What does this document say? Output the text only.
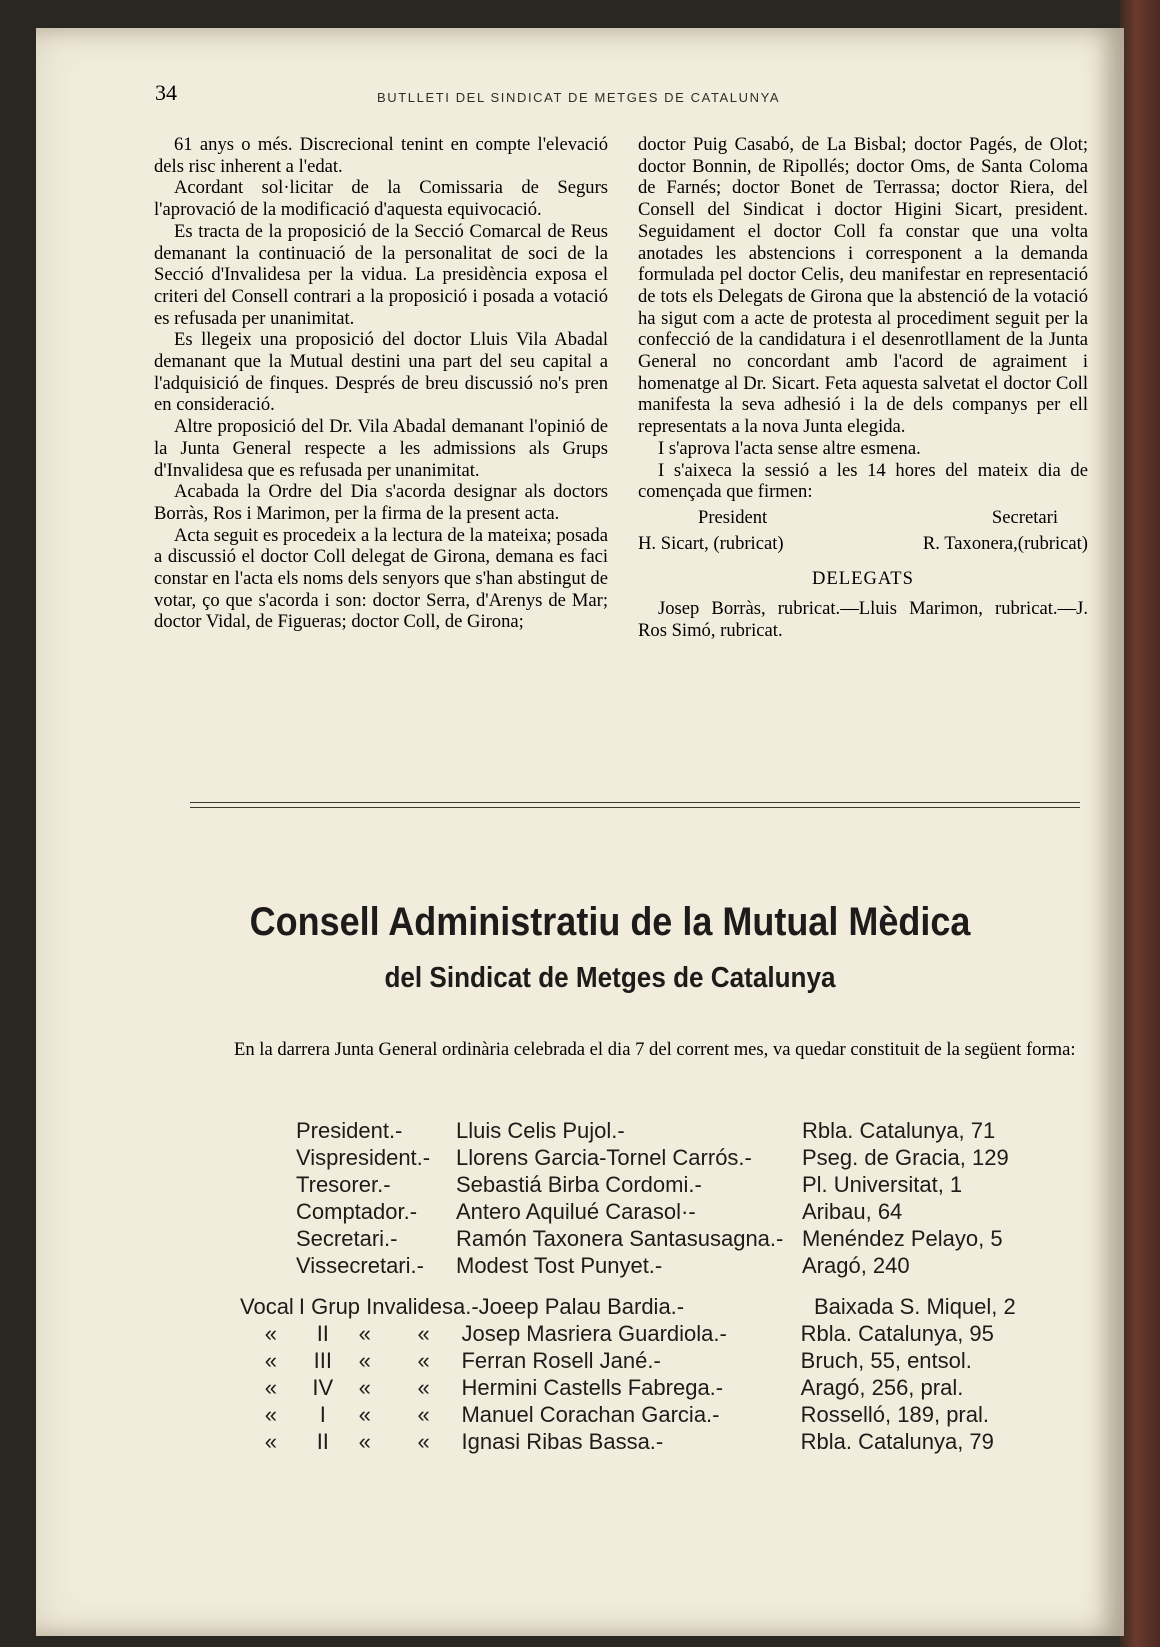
34	BUTLLETI DEL SINDICAT DE METGES DE CATALUNYA

61 anys o més. Discrecional tenint en compte l'elevació dels risc inherent a l'edat.

Acordant sol·licitar de la Comissaria de Segurs l'aprovació de la modificació d'aquesta equivocació.

Es tracta de la proposició de la Secció Comarcal de Reus demanant la continuació de la personalitat de soci de la Secció d'Invalidesa per la vidua. La presidència exposa el criteri del Consell contrari a la proposició i posada a votació es refusada per unanimitat.

Es llegeix una proposició del doctor Lluis Vila Abadal demanant que la Mutual destini una part del seu capital a l'adquisició de finques. Després de breu discussió no's pren en consideració.

Altre proposició del Dr. Vila Abadal demanant l'opinió de la Junta General respecte a les admissions als Grups d'Invalidesa que es refusada per unanimitat.

Acabada la Ordre del Dia s'acorda designar als doctors Borràs, Ros i Marimon, per la firma de la present acta.

Acta seguit es procedeix a la lectura de la mateixa; posada a discussió el doctor Coll delegat de Girona, demana es faci constar en l'acta els noms dels senyors que s'han abstingut de votar, ço que s'acorda i son: doctor Serra, d'Arenys de Mar; doctor Vidal, de Figueras; doctor Coll, de Girona;

doctor Puig Casabó, de La Bisbal; doctor Pagés, de Olot; doctor Bonnin, de Ripollés; doctor Oms, de Santa Coloma de Farnés; doctor Bonet de Terrassa; doctor Riera, del Consell del Sindicat i doctor Higini Sicart, president. Seguidament el doctor Coll fa constar que una volta anotades les abstencions i corresponent a la demanda formulada pel doctor Celis, deu manifestar en representació de tots els Delegats de Girona que la abstenció de la votació ha sigut com a acte de protesta al procediment seguit per la confecció de la candidatura i el desenrotllament de la Junta General no concordant amb l'acord de agraiment i homenatge al Dr. Sicart. Feta aquesta salvetat el doctor Coll manifesta la seva adhesió i la de dels companys per ell representats a la nova Junta elegida.

I s'aprova l'acta sense altre esmena.

I s'aixeca la sessió a les 14 hores del mateix dia de començada que firmen:

President	Secretari
H. Sicart, (rubricat)	R. Taxonera,(rubricat)
DELEGATS

Josep Borràs, rubricat.—Lluis Marimon, rubricat.—J. Ros Simó, rubricat.

Consell Administratiu de la Mutual Mèdica
del Sindicat de Metges de Catalunya

En la darrera Junta General ordinària celebrada el dia 7 del corrent mes, va quedar constituit de la següent forma:

President.-	Lluis Celis Pujol.-	Rbla. Catalunya, 71
Vispresident.-	Llorens Garcia-Tornel Carrós.-	Pseg. de Gracia, 129
Tresorer.-	Sebastiá Birba Cordomi.-	Pl. Universitat, 1
Comptador.-	Antero Aquilué Carasol·-	Aribau, 64
Secretari.-	Ramón Taxonera Santasusagna.- Menéndez Pelayo, 5
Vissecretari.-	Modest Tost Punyet.-	Aragó, 240
Vocal I Grup Invalidesa.-Joeep Palau Bardia.-	Baixada S. Miquel, 2
«	II	«	«	Josep Masriera Guardiola.-	Rbla. Catalunya, 95
«	III	«	«	Ferran Rosell Jané.-	Bruch, 55, entsol.
«	IV	«	«	Hermini Castells Fabrega.-	Aragó, 256, pral.
«	I	«	«	Manuel Corachan Garcia.-	Rosselló, 189, pral.
«	II	«	«	Ignasi Ribas Bassa.-	Rbla. Catalunya, 79
